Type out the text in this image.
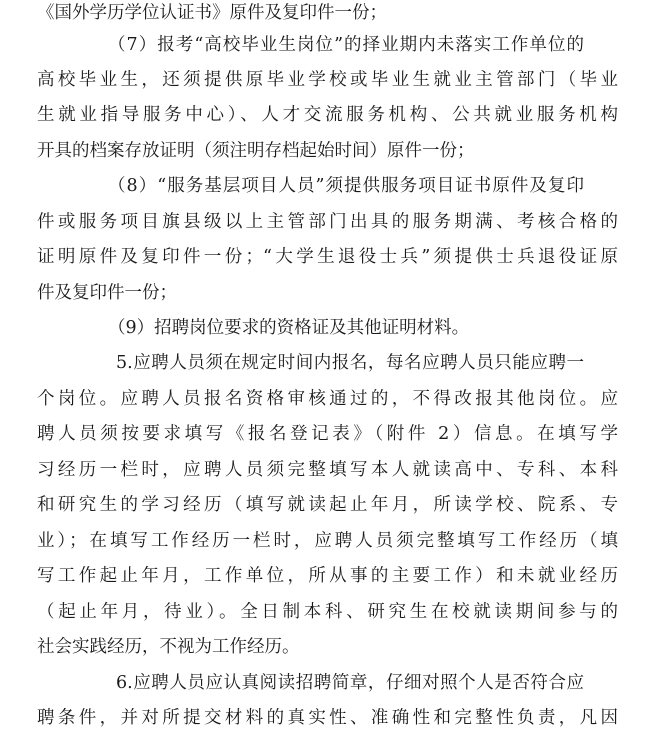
《国外学历学位认证书》原件及复印件一份；
（7）报考“高校毕业生岗位”的择业期内未落实工作单位的
高校毕业生，还须提供原毕业学校或毕业生就业主管部门（毕业
生就业指导服务中心）、人才交流服务机构、公共就业服务机构
开具的档案存放证明（须注明存档起始时间）原件一份；
（8）“服务基层项目人员”须提供服务项目证书原件及复印
件或服务项目旗县级以上主管部门出具的服务期满、考核合格的
证明原件及复印件一份；“大学生退役士兵”须提供士兵退役证原
件及复印件一份；
（9）招聘岗位要求的资格证及其他证明材料。
5.应聘人员须在规定时间内报名，每名应聘人员只能应聘一
个岗位。应聘人员报名资格审核通过的，不得改报其他岗位。应
聘人员须按要求填写《报名登记表》（附件 2）信息。在填写学
习经历一栏时，应聘人员须完整填写本人就读高中、专科、本科
和研究生的学习经历（填写就读起止年月，所读学校、院系、专
业）；在填写工作经历一栏时，应聘人员须完整填写工作经历（填
写工作起止年月，工作单位，所从事的主要工作）和未就业经历
（起止年月，待业）。全日制本科、研究生在校就读期间参与的
社会实践经历，不视为工作经历。
6.应聘人员应认真阅读招聘简章，仔细对照个人是否符合应
聘条件，并对所提交材料的真实性、准确性和完整性负责，凡因
